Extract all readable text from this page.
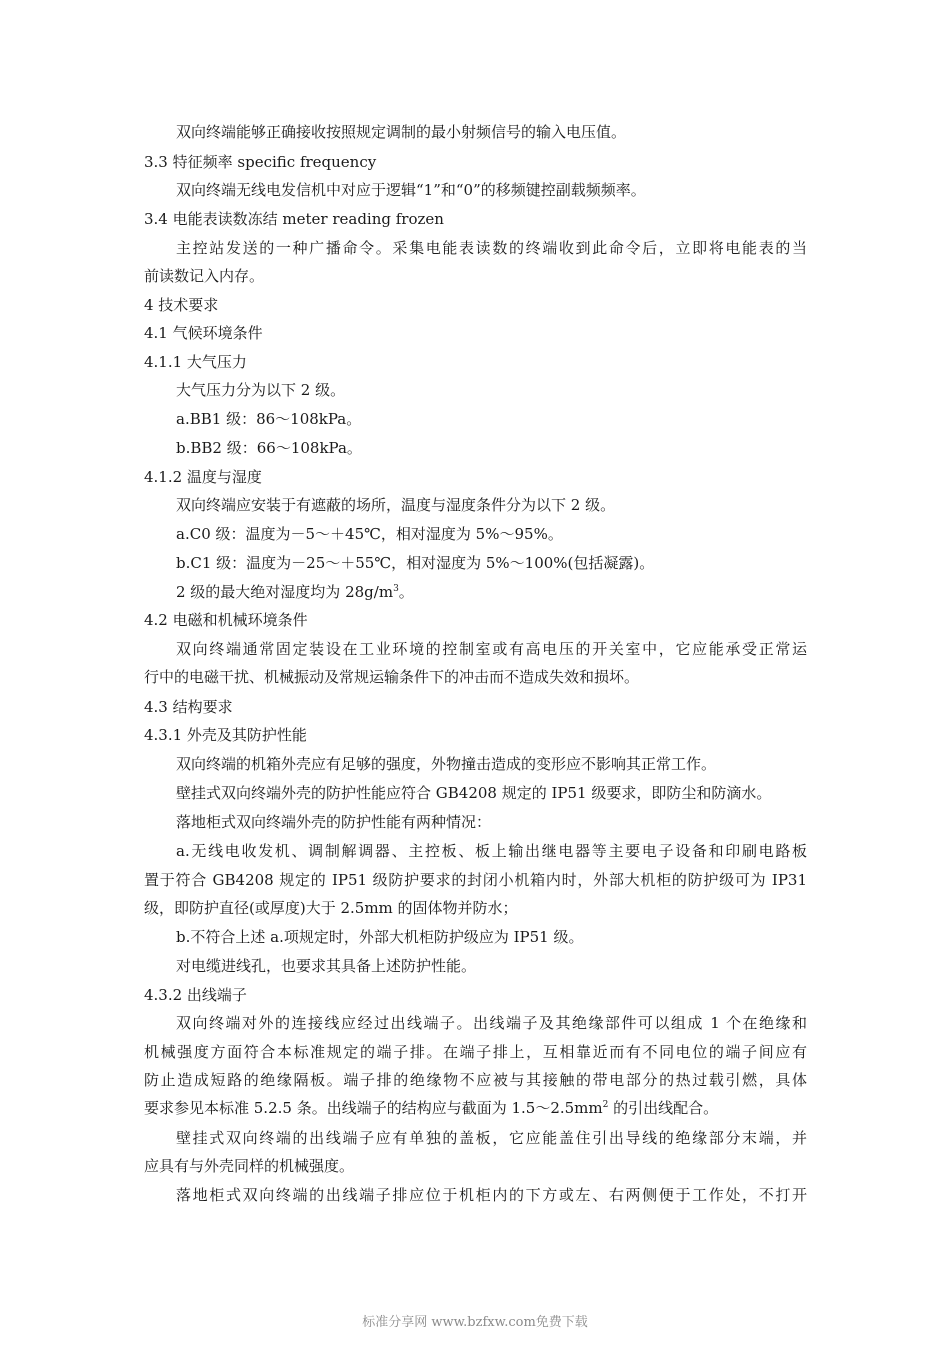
双向终端能够正确接收按照规定调制的最小射频信号的输入电压值。

3.3 特征频率 specific frequency

双向终端无线电发信机中对应于逻辑“1”和“0”的移频键控副载频频率。

3.4 电能表读数冻结 meter reading frozen

主控站发送的一种广播命令。采集电能表读数的终端收到此命令后，立即将电能表的当

前读数记入内存。

4 技术要求

4.1 气候环境条件

4.1.1 大气压力

大气压力分为以下 2 级。

a.BB1 级：86～108kPa。

b.BB2 级：66～108kPa。

4.1.2 温度与湿度

双向终端应安装于有遮蔽的场所，温度与湿度条件分为以下 2 级。

a.C0 级：温度为－5～＋45℃，相对湿度为 5%～95%。

b.C1 级：温度为－25～＋55℃，相对湿度为 5%～100%(包括凝露)。

2 级的最大绝对湿度均为 $28g/m^3$。

4.2 电磁和机械环境条件

双向终端通常固定装设在工业环境的控制室或有高电压的开关室中，它应能承受正常运

行中的电磁干扰、机械振动及常规运输条件下的冲击而不造成失效和损坏。

4.3 结构要求

4.3.1 外壳及其防护性能

双向终端的机箱外壳应有足够的强度，外物撞击造成的变形应不影响其正常工作。

壁挂式双向终端外壳的防护性能应符合 GB4208 规定的 IP51 级要求，即防尘和防滴水。

落地柜式双向终端外壳的防护性能有两种情况：

a.无线电收发机、调制解调器、主控板、板上输出继电器等主要电子设备和印刷电路板

置于符合 GB4208 规定的 IP51 级防护要求的封闭小机箱内时，外部大机柜的防护级可为 IP31

级，即防护直径(或厚度)大于 2.5mm 的固体物并防水；

b.不符合上述 a.项规定时，外部大机柜防护级应为 IP51 级。

对电缆进线孔，也要求其具备上述防护性能。

4.3.2 出线端子

双向终端对外的连接线应经过出线端子。出线端子及其绝缘部件可以组成 1 个在绝缘和

机械强度方面符合本标准规定的端子排。在端子排上，互相靠近而有不同电位的端子间应有

防止造成短路的绝缘隔板。端子排的绝缘物不应被与其接触的带电部分的热过载引燃，具体

要求参见本标准 5.2.5 条。出线端子的结构应与截面为 $1.5\sim 2.5mm^2$ 的引出线配合。

壁挂式双向终端的出线端子应有单独的盖板，它应能盖住引出导线的绝缘部分末端，并

应具有与外壳同样的机械强度。

落地柜式双向终端的出线端子排应位于机柜内的下方或左、右两侧便于工作处，不打开

标准分享网 www.bzfxw.com免费下载
